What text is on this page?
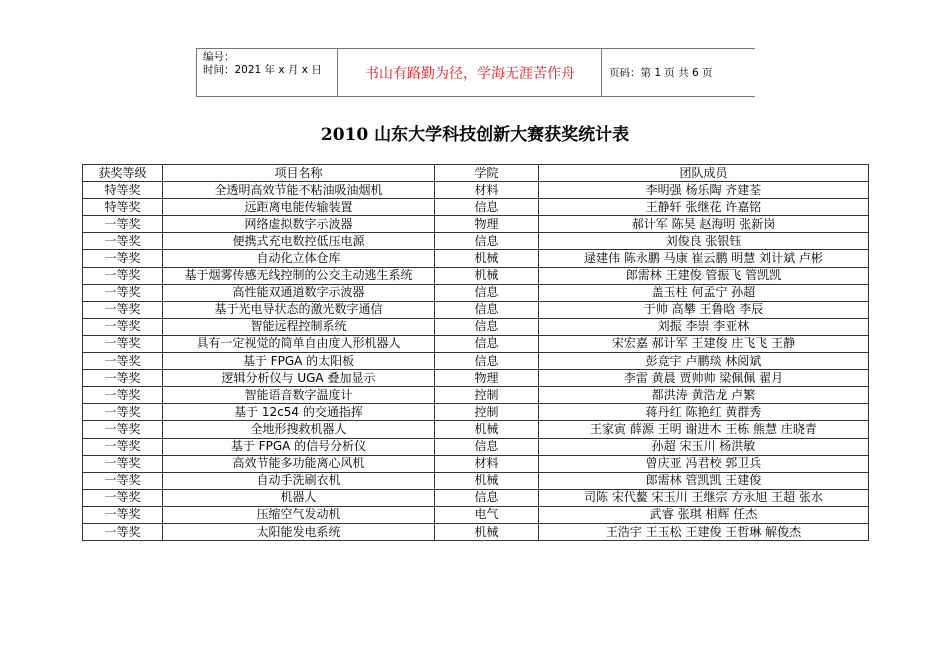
编号：
时间：2021 年 x 月 x 日	书山有路勤为径，学海无涯苦作舟	页码：第 1 页 共 6 页
2010 山东大学科技创新大赛获奖统计表
获奖等级	项目名称	学院	团队成员
特等奖	全透明高效节能不粘油吸油烟机	材料	李明强 杨乐陶 齐建荃
特等奖	远距离电能传输装置	信息	王静轩 张继花 许嘉铭
一等奖	网络虚拟数字示波器	物理	郝计军 陈昊 赵海明 张新岗
一等奖	便携式充电数控低压电源	信息	刘俊良 张银钰
一等奖	自动化立体仓库	机械	逯建伟 陈永鹏 马康 崔云鹏 明慧 刘计斌 卢彬
一等奖	基于烟雾传感无线控制的公交主动逃生系统	机械	郎需林 王建俊 管振飞 管凯凯
一等奖	高性能双通道数字示波器	信息	盖玉柱 何孟宁 孙超
一等奖	基于光电导状态的激光数字通信	信息	于帅 高攀 王鲁晗 李辰
一等奖	智能远程控制系统	信息	刘振 李崇 李亚林
一等奖	具有一定视觉的简单自由度人形机器人	信息	宋宏嘉 郝计军 王建俊 庄飞飞 王静
一等奖	基于 FPGA 的太阳板	信息	彭竞宇 卢鹏琰 林阅斌
一等奖	逻辑分析仪与 UGA 叠加显示	物理	李雷 黄晨 贾帅帅 梁佩佩 翟月
一等奖	智能语音数字温度计	控制	都洪涛 黄浩龙 卢繁
一等奖	基于 12c54 的交通指挥	控制	蒋丹红 陈艳红 黄群秀
一等奖	全地形搜救机器人	机械	王家寅 薛源 王明 谢进木 王栋 熊慧 庄晓青
一等奖	基于 FPGA 的信号分析仪	信息	孙超 宋玉川 杨洪敏
一等奖	高效节能多功能离心风机	材料	曾庆亚 冯君校 郭卫兵
一等奖	自动手洗刷衣机	机械	郎需林 管凯凯 王建俊
一等奖	机器人	信息	司陈 宋代鳌 宋玉川 王继宗 方永旭 王超 张水
一等奖	压缩空气发动机	电气	武睿 张琪 相辉 任杰
一等奖	太阳能发电系统	机械	王浩宇 王玉松 王建俊 王哲琳 解俊杰
